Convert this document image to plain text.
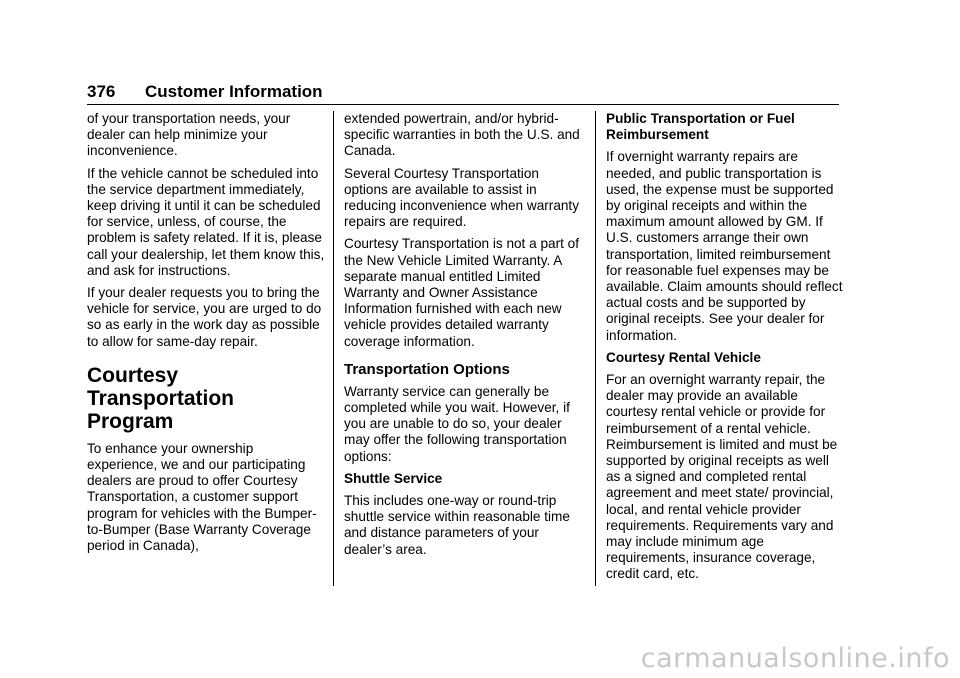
376 Customer Information

of your transportation needs, your dealer can help minimize your inconvenience.

If the vehicle cannot be scheduled into the service department immediately, keep driving it until it can be scheduled for service, unless, of course, the problem is safety related. If it is, please call your dealership, let them know this, and ask for instructions.

If your dealer requests you to bring the vehicle for service, you are urged to do so as early in the work day as possible to allow for same-day repair.

Courtesy Transportation Program

To enhance your ownership experience, we and our participating dealers are proud to offer Courtesy Transportation, a customer support program for vehicles with the Bumper-to-Bumper (Base Warranty Coverage period in Canada),

extended powertrain, and/or hybrid-specific warranties in both the U.S. and Canada.

Several Courtesy Transportation options are available to assist in reducing inconvenience when warranty repairs are required.

Courtesy Transportation is not a part of the New Vehicle Limited Warranty. A separate manual entitled Limited Warranty and Owner Assistance Information furnished with each new vehicle provides detailed warranty coverage information.

Transportation Options

Warranty service can generally be completed while you wait. However, if you are unable to do so, your dealer may offer the following transportation options:

Shuttle Service

This includes one-way or round-trip shuttle service within reasonable time and distance parameters of your dealer’s area.

Public Transportation or Fuel Reimbursement

If overnight warranty repairs are needed, and public transportation is used, the expense must be supported by original receipts and within the maximum amount allowed by GM. If U.S. customers arrange their own transportation, limited reimbursement for reasonable fuel expenses may be available. Claim amounts should reflect actual costs and be supported by original receipts. See your dealer for information.

Courtesy Rental Vehicle

For an overnight warranty repair, the dealer may provide an available courtesy rental vehicle or provide for reimbursement of a rental vehicle. Reimbursement is limited and must be supported by original receipts as well as a signed and completed rental agreement and meet state/ provincial, local, and rental vehicle provider requirements. Requirements vary and may include minimum age requirements, insurance coverage, credit card, etc.

carmanualsonline.info
